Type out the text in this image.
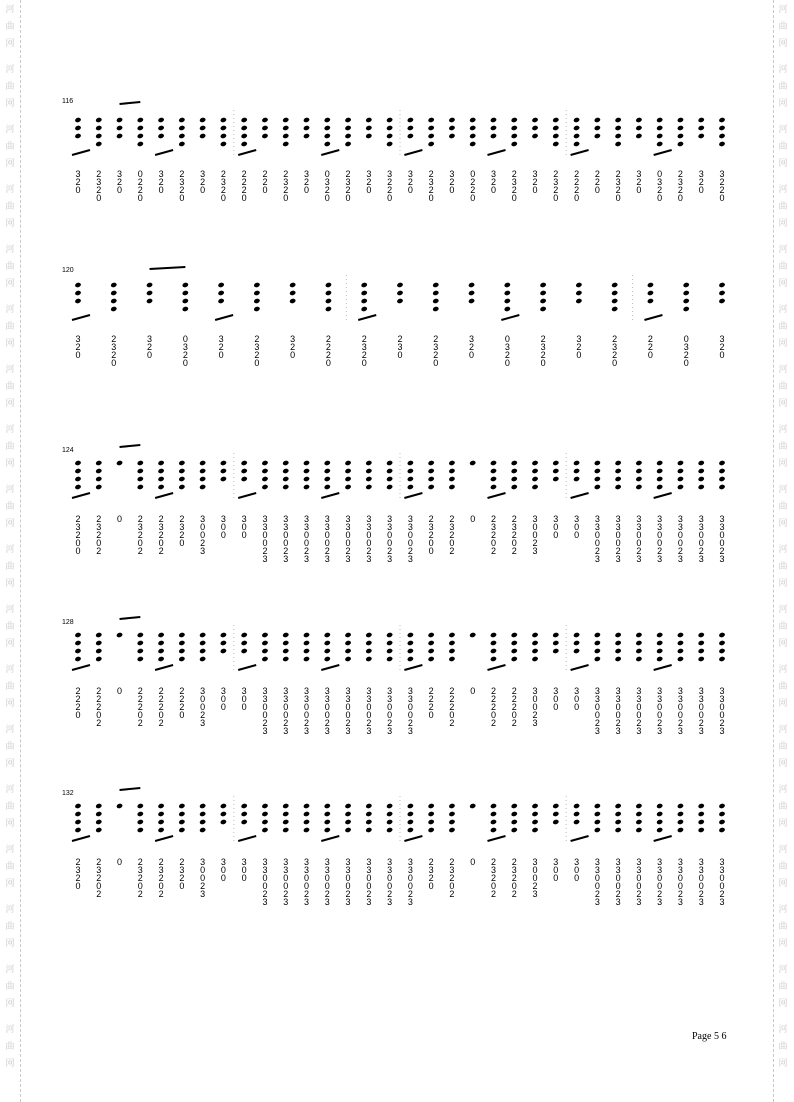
河
曲
网
河
曲
网
河
曲
网
河
曲
网
河
曲
网
河
曲
网
河
曲
网
河
曲
网
河
曲
网
河
曲
网
河
曲
网
河
曲
网
河
曲
网
河
曲
网
河
曲
网
河
曲
网
河
曲
网
河
曲
网
河
曲
网
河
曲
网
河
曲
网
河
曲
网
河
曲
网
河
曲
网
河
曲
网
河
曲
网
河
曲
网
河
曲
网
河
曲
网
河
曲
网
河
曲
网
河
曲
网
河
曲
网
河
曲
网
河
曲
网
河
曲
网
116
3
2
0
2
3
2
0
3
2
0
0
2
2
0
3
2
0
2
3
2
0
3
2
0
2
3
2
0
2
2
2
0
2
2
0
2
3
2
0
3
2
0
0
3
2
0
2
3
2
0
3
2
0
3
2
2
0
3
2
0
2
3
2
0
3
2
0
0
2
2
0
3
2
0
2
3
2
0
3
2
0
2
3
2
0
2
2
2
0
2
2
0
2
3
2
0
3
2
0
0
3
2
0
2
3
2
0
3
2
0
3
2
2
0
120
3
2
0
2
3
2
0
3
2
0
0
3
2
0
3
2
0
2
3
2
0
3
2
0
2
2
2
0
2
3
2
0
2
3
0
2
3
2
0
3
2
0
0
3
2
0
2
3
2
0
3
2
0
2
3
2
0
2
2
0
0
3
2
0
3
2
0
124
2
3
2
0
0
2
3
2
0
2
0 2
3
2
0
2
2
3
2
0
2
2
3
2
0

3
0
0
2
3
3
0
0

3
0
0

3
3
0
0
2
3
3
3
0
0
2
3
3
3
0
0
2
3
3
3
0
0
2
3
3
3
0
0
2
3
3
3
0
0
2
3
3
3
0
0
2
3
3
3
0
0
2
3
2
3
2
0
0
2
3
2
0
2
0 2
3
2
0
2
2
3
2
0
2
3
0
0
2
3
3
0
0

3
0
0

3
3
0
0
2
3
3
3
0
0
2
3
3
3
0
0
2
3
3
3
0
0
2
3
3
3
0
0
2
3
3
3
0
0
2
3
3
3
0
0
2
3
128
2
2
2
0
2
2
2
0
2
0 2
2
2
0
2
2
2
2
0
2
2
2
2
0

3
0
0
2
3
3
0
0

3
0
0

3
3
0
0
2
3
3
3
0
0
2
3
3
3
0
0
2
3
3
3
0
0
2
3
3
3
0
0
2
3
3
3
0
0
2
3
3
3
0
0
2
3
3
3
0
0
2
3
2
2
2
0
2
2
2
0
2
0 2
2
2
0
2
2
2
2
0
2
3
0
0
2
3
3
0
0

3
0
0

3
3
0
0
2
3
3
3
0
0
2
3
3
3
0
0
2
3
3
3
0
0
2
3
3
3
0
0
2
3
3
3
0
0
2
3
3
3
0
0
2
3
132
2
3
2
0
2
3
2
0
2
0 2
3
2
0
2
2
3
2
0
2
2
3
2
0

3
0
0
2
3
3
0
0

3
0
0

3
3
0
0
2
3
3
3
0
0
2
3
3
3
0
0
2
3
3
3
0
0
2
3
3
3
0
0
2
3
3
3
0
0
2
3
3
3
0
0
2
3
3
3
0
0
2
3
2
3
2
0
2
3
2
0
2
0 2
3
2
0
2
2
3
2
0
2
3
0
0
2
3
3
0
0

3
0
0

3
3
0
0
2
3
3
3
0
0
2
3
3
3
0
0
2
3
3
3
0
0
2
3
3
3
0
0
2
3
3
3
0
0
2
3
3
3
0
0
2
3
Page 5 6
